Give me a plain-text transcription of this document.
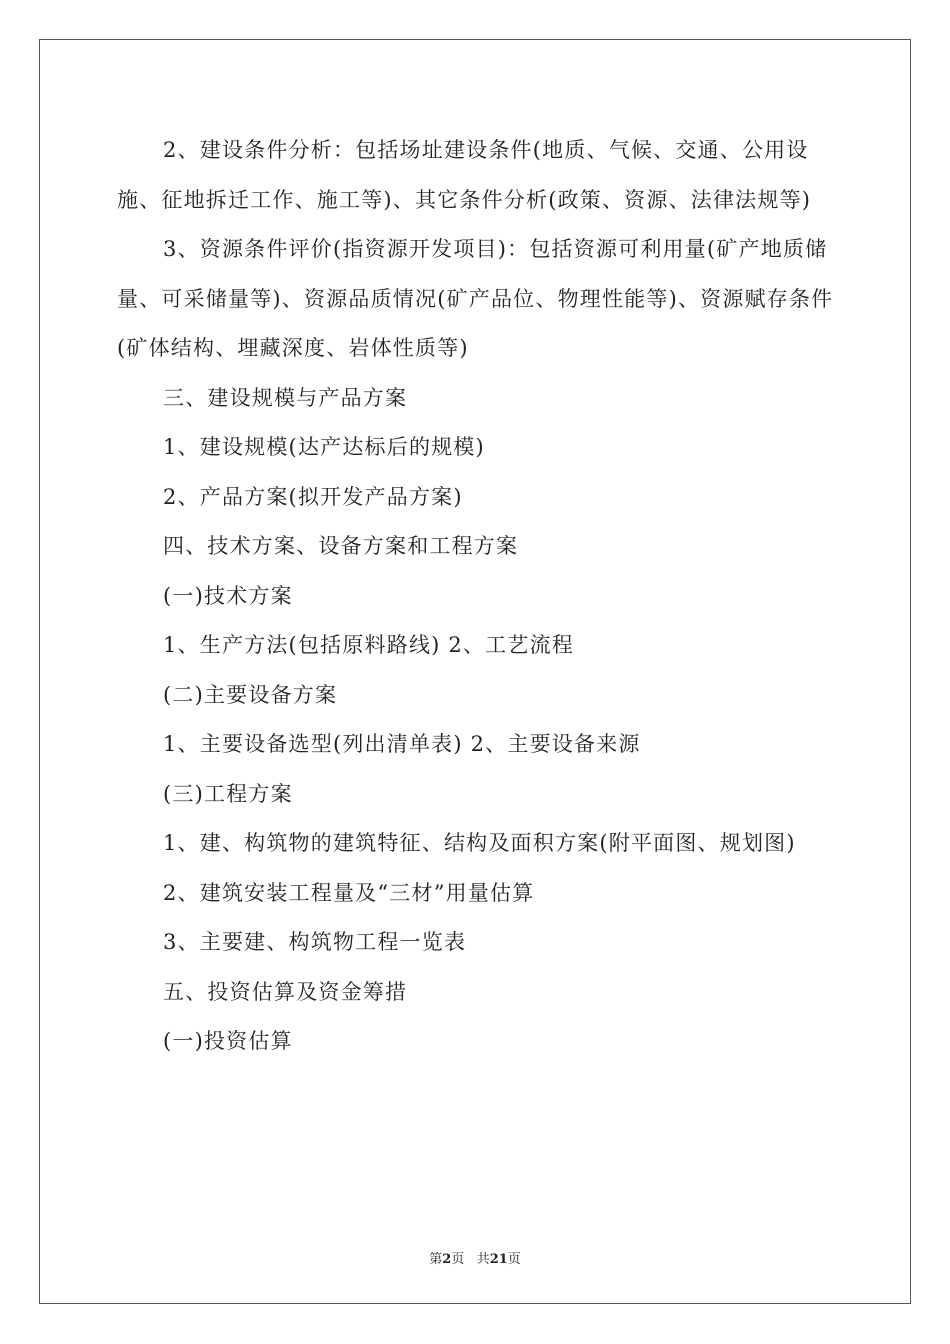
2、建设条件分析：包括场址建设条件(地质、气候、交通、公用设施、征地拆迁工作、施工等)、其它条件分析(政策、资源、法律法规等)

3、资源条件评价(指资源开发项目)：包括资源可利用量(矿产地质储量、可采储量等)、资源品质情况(矿产品位、物理性能等)、资源赋存条件(矿体结构、埋藏深度、岩体性质等)

三、建设规模与产品方案

1、建设规模(达产达标后的规模)

2、产品方案(拟开发产品方案)

四、技术方案、设备方案和工程方案

(一)技术方案

1、生产方法(包括原料路线) 2、工艺流程

(二)主要设备方案

1、主要设备选型(列出清单表) 2、主要设备来源

(三)工程方案

1、建、构筑物的建筑特征、结构及面积方案(附平面图、规划图)

2、建筑安装工程量及“三材”用量估算

3、主要建、构筑物工程一览表

五、投资估算及资金筹措

(一)投资估算

第2页 共21页
